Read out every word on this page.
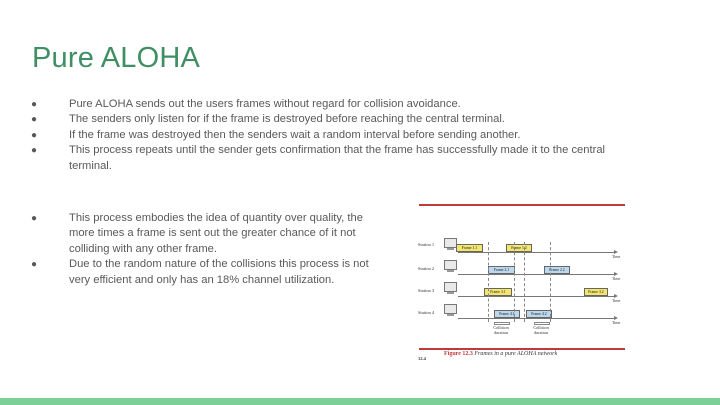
Pure ALOHA
●	Pure ALOHA sends out the users frames without regard for collision avoidance.
●	The senders only listen for if the frame is destroyed before reaching the central terminal.
●	If the frame was destroyed then the senders wait a random interval before sending another.
●	This process repeats until the sender gets confirmation that the frame has successfully made it to the central terminal.
●	This process embodies the idea of quantity over quality, the more times a frame is sent out the greater chance of it not colliding with any other frame.
●	Due to the random nature of the collisions this process is not very efficient and only has an 18% channel utilization.
Station 1
Time
Frame 1.1	Frame 1.2
Station 2
Time
Frame 2.1	Frame 2.2
Station 3
Time
Frame 3.1	Frame 3.2
Station 4
Time
Frame 4.1	Frame 4.2
Collision duration
Collision duration
Figure 12.3 Frames in a pure ALOHA network
12.4
